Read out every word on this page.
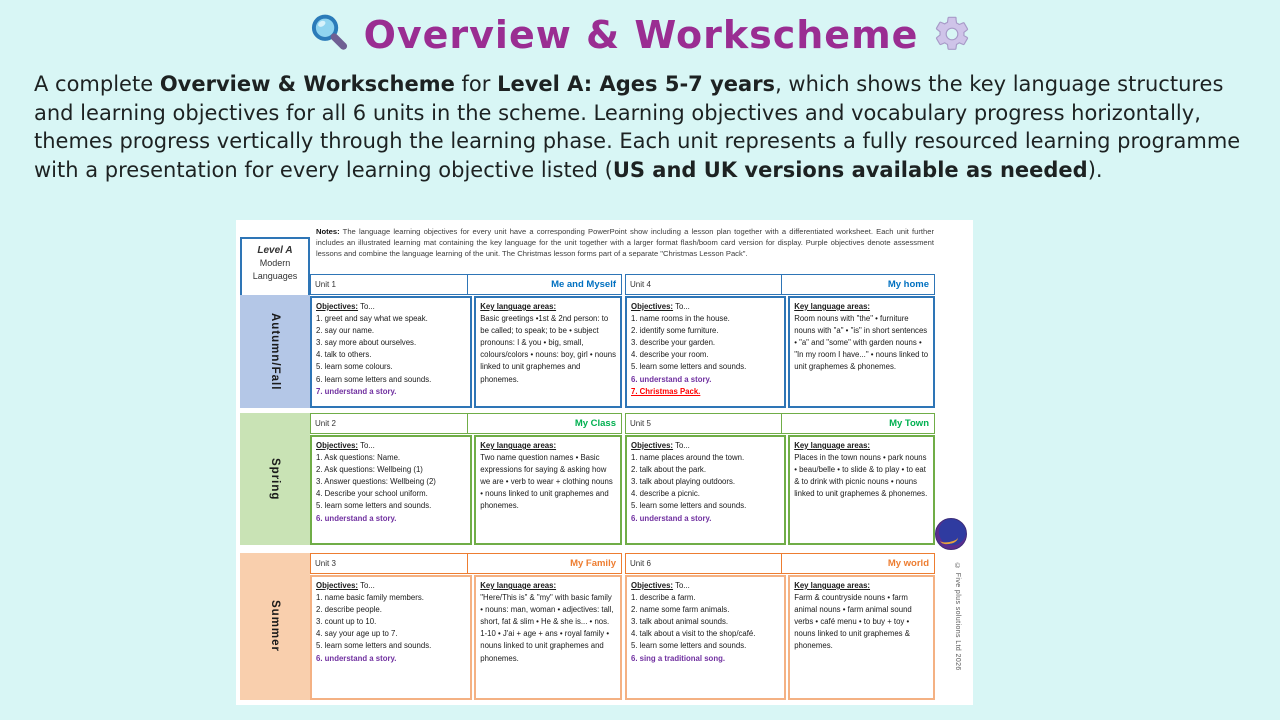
Overview & Workscheme
A complete Overview & Workscheme for Level A: Ages 5-7 years, which shows the key language structures and learning objectives for all 6 units in the scheme. Learning objectives and vocabulary progress horizontally, themes progress vertically through the learning phase. Each unit represents a fully resourced learning programme with a presentation for every learning objective listed (US and UK versions available as needed).
Level A
Modern
Languages
Notes: The language learning objectives for every unit have a corresponding PowerPoint show including a lesson plan together with a differentiated worksheet. Each unit further includes an illustrated learning mat containing the key language for the unit together with a larger format flash/boom card version for display. Purple objectives denote assessment lessons and combine the language learning of the unit. The Christmas lesson forms part of a separate "Christmas Lesson Pack".
Autumn/Fall
Unit 1	Me and Myself
Objectives: To...
1. greet and say what we speak.
2. say our name.
3. say more about ourselves.
4. talk to others.
5. learn some colours.
6. learn some letters and sounds.
7. understand a story.
Key language areas:
Basic greetings •1st & 2nd person: to be called; to speak; to be • subject pronouns: I & you • big, small, colours/colors • nouns: boy, girl • nouns linked to unit graphemes and phonemes.
Unit 4	My home
Objectives: To...
1. name rooms in the house.
2. identify some furniture.
3. describe your garden.
4. describe your room.
5. learn some letters and sounds.
6. understand a story.
7. Christmas Pack.
Key language areas:
Room nouns with "the" • furniture nouns with "a" • "is" in short sentences • "a" and "some" with garden nouns • "In my room I have..." • nouns linked to unit graphemes & phonemes.
Spring
Unit 2	My Class
Objectives: To...
1. Ask questions: Name.
2. Ask questions: Wellbeing (1)
3. Answer questions: Wellbeing (2)
4. Describe your school uniform.
5. learn some letters and sounds.
6. understand a story.
Key language areas:
Two name question names • Basic expressions for saying & asking how we are • verb to wear + clothing nouns • nouns linked to unit graphemes and phonemes.
Unit 5	My Town
Objectives: To...
1. name places around the town.
2. talk about the park.
3. talk about playing outdoors.
4. describe a picnic.
5. learn some letters and sounds.
6. understand a story.
Key language areas:
Places in the town nouns • park nouns • beau/belle • to slide & to play • to eat & to drink with picnic nouns • nouns linked to unit graphemes & phonemes.
Summer
Unit 3	My Family
Objectives: To...
1. name basic family members.
2. describe people.
3. count up to 10.
4. say your age up to 7.
5. learn some letters and sounds.
6. understand a story.
Key language areas:
"Here/This is" & "my" with basic family • nouns: man, woman • adjectives: tall, short, fat & slim • He & she is... • nos. 1-10 • J'ai + age + ans • royal family • nouns linked to unit graphemes and phonemes.
Unit 6	My world
Objectives: To...
1. describe a farm.
2. name some farm animals.
3. talk about animal sounds.
4. talk about a visit to the shop/café.
5. learn some letters and sounds.
6. sing a traditional song.
Key language areas:
Farm & countryside nouns • farm animal nouns • farm animal sound verbs • café menu • to buy + toy • nouns linked to unit graphemes & phonemes.	© Five plus solutions Ltd 2026
